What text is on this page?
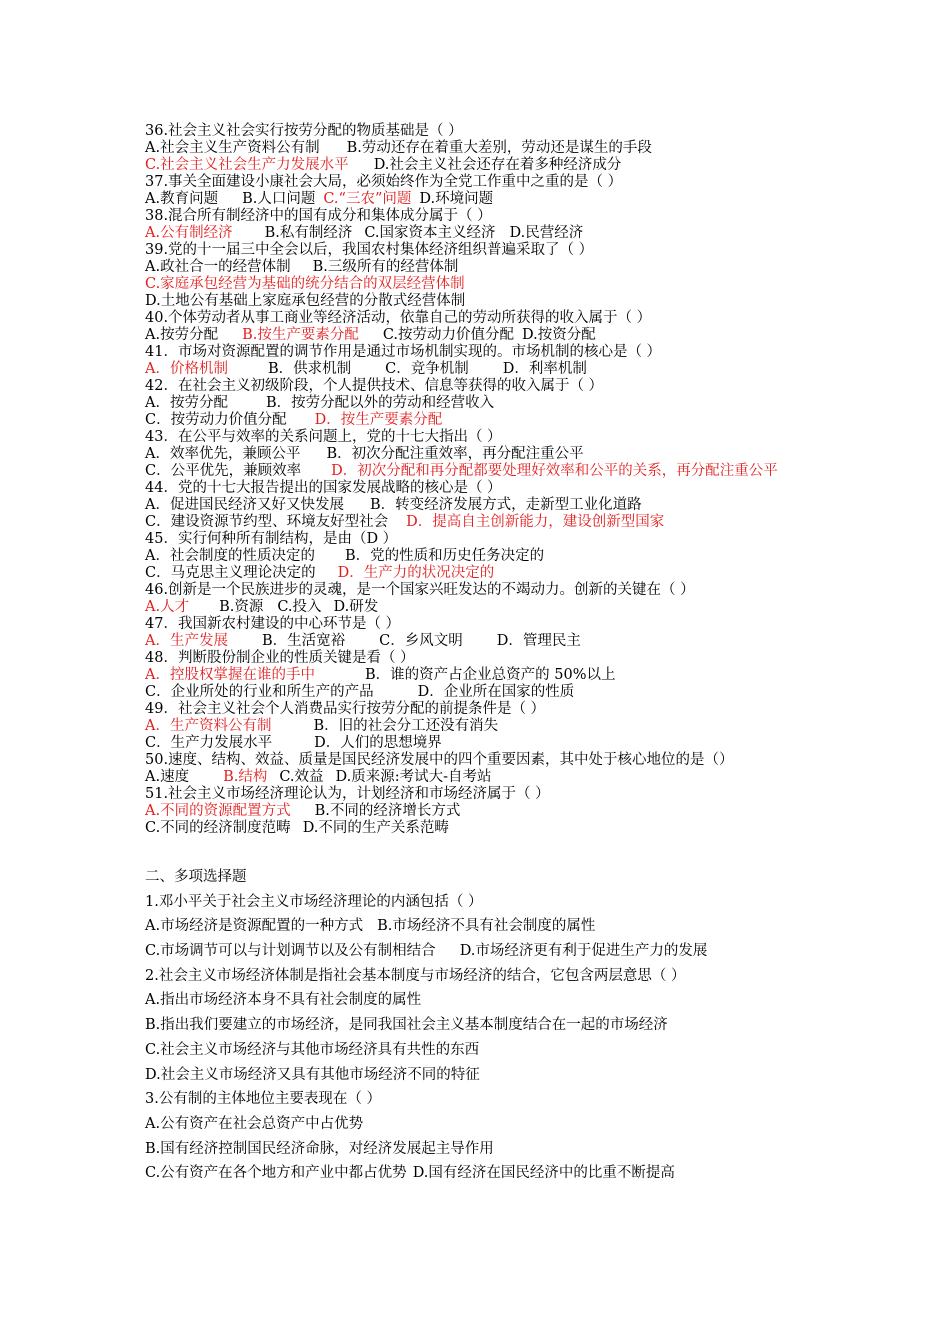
36.社会主义社会实行按劳分配的物质基础是（ ）
A.社会主义生产资料公有制 B.劳动还存在着重大差别，劳动还是谋生的手段
C.社会主义社会生产力发展水平 D.社会主义社会还存在着多种经济成分
37.事关全面建设小康社会大局，必须始终作为全党工作重中之重的是（ ）
A.教育问题 B.人口问题 C.“三农”问题 D.环境问题
38.混合所有制经济中的国有成分和集体成分属于（ ）
A.公有制经济 B.私有制经济 C.国家资本主义经济 D.民营经济
39.党的十一届三中全会以后，我国农村集体经济组织普遍采取了（ ）
A.政社合一的经营体制 B.三级所有的经营体制
C.家庭承包经营为基础的统分结合的双层经营体制
D.土地公有基础上家庭承包经营的分散式经营体制
40.个体劳动者从事工商业等经济活动，依靠自己的劳动所获得的收入属于（ ）
A.按劳分配 B.按生产要素分配 C.按劳动力价值分配 D.按资分配
41．市场对资源配置的调节作用是通过市场机制实现的。市场机制的核心是（ ）
A．价格机制	B．供求机制 C．竞争机制 D．利率机制
42．在社会主义初级阶段，个人提供技术、信息等获得的收入属于（ ）
A．按劳分配	B．按劳分配以外的劳动和经营收入
C．按劳动力价值分配 D．按生产要素分配
43．在公平与效率的关系问题上，党的十七大指出（ ）
A．效率优先，兼顾公平 B．初次分配注重效率，再分配注重公平
C．公平优先，兼顾效率 D．初次分配和再分配都要处理好效率和公平的关系，再分配注重公平
44．党的十七大报告提出的国家发展战略的核心是（ ）
A．促进国民经济又好又快发展 B．转变经济发展方式，走新型工业化道路
C．建设资源节约型、环境友好型社会 D．提高自主创新能力，建设创新型国家
45．实行何种所有制结构，是由（D ）
A．社会制度的性质决定的 B．党的性质和历史任务决定的
C．马克思主义理论决定的 D．生产力的状况决定的
46.创新是一个民族进步的灵魂，是一个国家兴旺发达的不竭动力。创新的关键在（ ）
A.人才 B.资源 C.投入 D.研发
47．我国新农村建设的中心环节是（ ）
A．生产发展 B．生活宽裕 C．乡风文明 D．管理民主
48．判断股份制企业的性质关键是看（ ）
A．控股权掌握在谁的手中	B．谁的资产占企业总资产的 50%以上
C．企业所处的行业和所生产的产品	D．企业所在国家的性质
49．社会主义社会个人消费品实行按劳分配的前提条件是（ ）
A．生产资料公有制	B．旧的社会分工还没有消失
C．生产力发展水平	D．人们的思想境界
50.速度、结构、效益、质量是国民经济发展中的四个重要因素，其中处于核心地位的是（）
A.速度 B.结构 C.效益 D.质来源:考试大-自考站
51.社会主义市场经济理论认为，计划经济和市场经济属于（ ）
A.不同的资源配置方式 B.不同的经济增长方式
C.不同的经济制度范畴 D.不同的生产关系范畴
二、多项选择题
1.邓小平关于社会主义市场经济理论的内涵包括（ ）
A.市场经济是资源配置的一种方式 B.市场经济不具有社会制度的属性
C.市场调节可以与计划调节以及公有制相结合 D.市场经济更有利于促进生产力的发展
2.社会主义市场经济体制是指社会基本制度与市场经济的结合，它包含两层意思（ ）
A.指出市场经济本身不具有社会制度的属性
B.指出我们要建立的市场经济，是同我国社会主义基本制度结合在一起的市场经济
C.社会主义市场经济与其他市场经济具有共性的东西
D.社会主义市场经济又具有其他市场经济不同的特征
3.公有制的主体地位主要表现在（ ）
A.公有资产在社会总资产中占优势
B.国有经济控制国民经济命脉，对经济发展起主导作用
C.公有资产在各个地方和产业中都占优势 D.国有经济在国民经济中的比重不断提高
